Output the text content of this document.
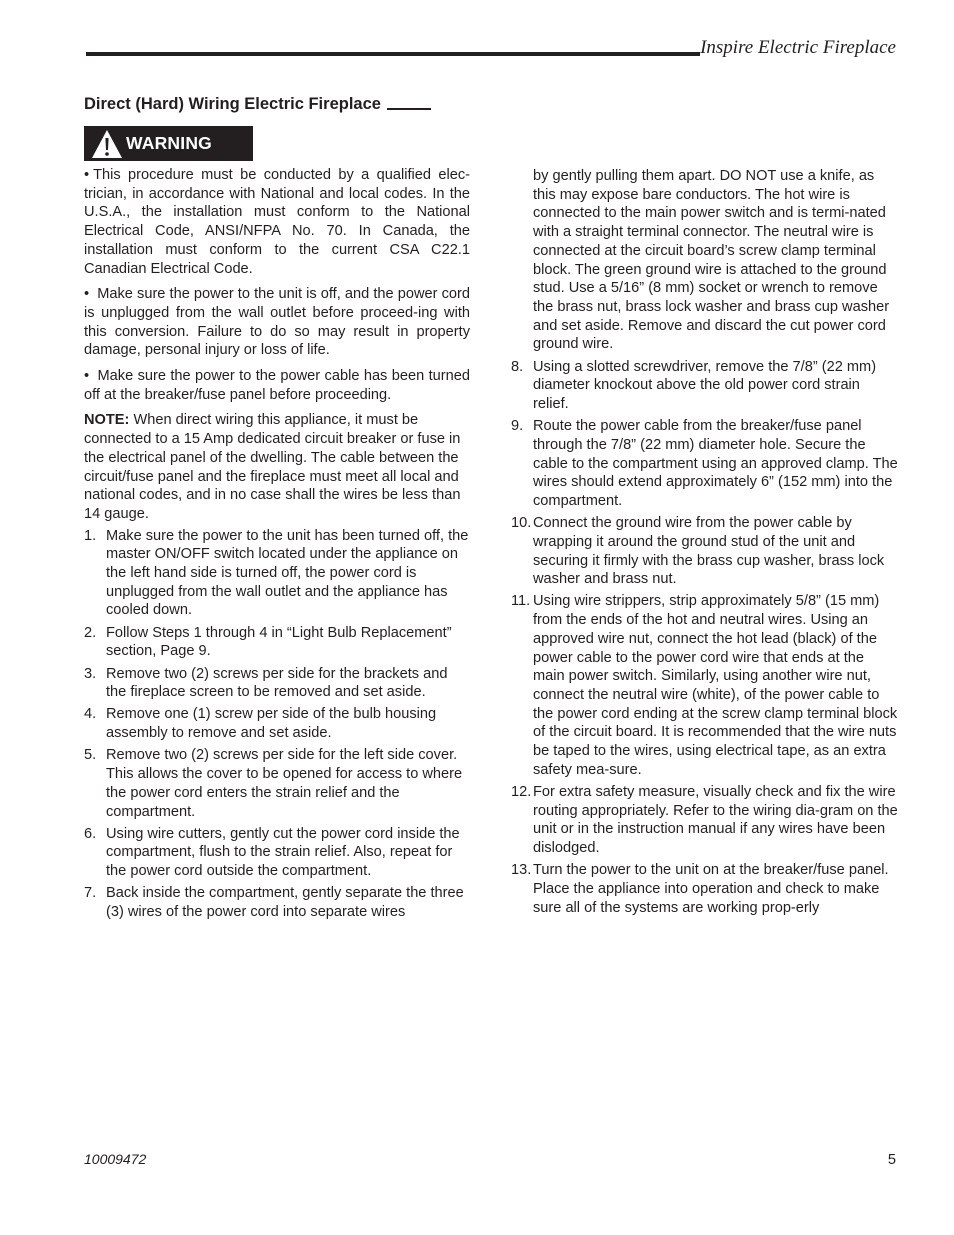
Inspire Electric Fireplace
Direct (Hard) Wiring Electric Fireplace
WARNING

• This procedure must be conducted by a qualified elec-trician, in accordance with National and local codes. In the U.S.A., the installation must conform to the National Electrical Code, ANSI/NFPA No. 70. In Canada, the installation must conform to the current CSA C22.1 Canadian Electrical Code.

• Make sure the power to the unit is off, and the power cord is unplugged from the wall outlet before proceed-ing with this conversion. Failure to do so may result in property damage, personal injury or loss of life.

• Make sure the power to the power cable has been turned off at the breaker/fuse panel before proceeding.

NOTE: When direct wiring this appliance, it must be connected to a 15 Amp dedicated circuit breaker or fuse in the electrical panel of the dwelling. The cable between the circuit/fuse panel and the fireplace must meet all local and national codes, and in no case shall the wires be less than 14 gauge.

1. Make sure the power to the unit has been turned off, the master ON/OFF switch located under the appliance on the left hand side is turned off, the power cord is unplugged from the wall outlet and the appliance has cooled down.
2. Follow Steps 1 through 4 in “Light Bulb Replacement” section, Page 9.
3. Remove two (2) screws per side for the brackets and the fireplace screen to be removed and set aside.
4. Remove one (1) screw per side of the bulb housing assembly to remove and set aside.
5. Remove two (2) screws per side for the left side cover. This allows the cover to be opened for access to where the power cord enters the strain relief and the compartment.
6. Using wire cutters, gently cut the power cord inside the compartment, flush to the strain relief. Also, repeat for the power cord outside the compartment.
7. Back inside the compartment, gently separate the three (3) wires of the power cord into separate wires
by gently pulling them apart. DO NOT use a knife, as this may expose bare conductors. The hot wire is connected to the main power switch and is termi-nated with a straight terminal connector. The neutral wire is connected at the circuit board’s screw clamp terminal block. The green ground wire is attached to the ground stud. Use a 5/16” (8 mm) socket or wrench to remove the brass nut, brass lock washer and brass cup washer and set aside. Remove and discard the cut power cord ground wire.
8. Using a slotted screwdriver, remove the 7/8” (22 mm) diameter knockout above the old power cord strain relief.
9. Route the power cable from the breaker/fuse panel through the 7/8” (22 mm) diameter hole. Secure the cable to the compartment using an approved clamp. The wires should extend approximately 6” (152 mm) into the compartment.
10. Connect the ground wire from the power cable by wrapping it around the ground stud of the unit and securing it firmly with the brass cup washer, brass lock washer and brass nut.
11. Using wire strippers, strip approximately 5/8” (15 mm) from the ends of the hot and neutral wires. Using an approved wire nut, connect the hot lead (black) of the power cable to the power cord wire that ends at the main power switch. Similarly, using another wire nut, connect the neutral wire (white), of the power cable to the power cord ending at the screw clamp terminal block of the circuit board. It is recommended that the wire nuts be taped to the wires, using electrical tape, as an extra safety mea-sure.
12. For extra safety measure, visually check and fix the wire routing appropriately. Refer to the wiring dia-gram on the unit or in the instruction manual if any wires have been dislodged.
13. Turn the power to the unit on at the breaker/fuse panel. Place the appliance into operation and check to make sure all of the systems are working prop-erly
10009472	5
